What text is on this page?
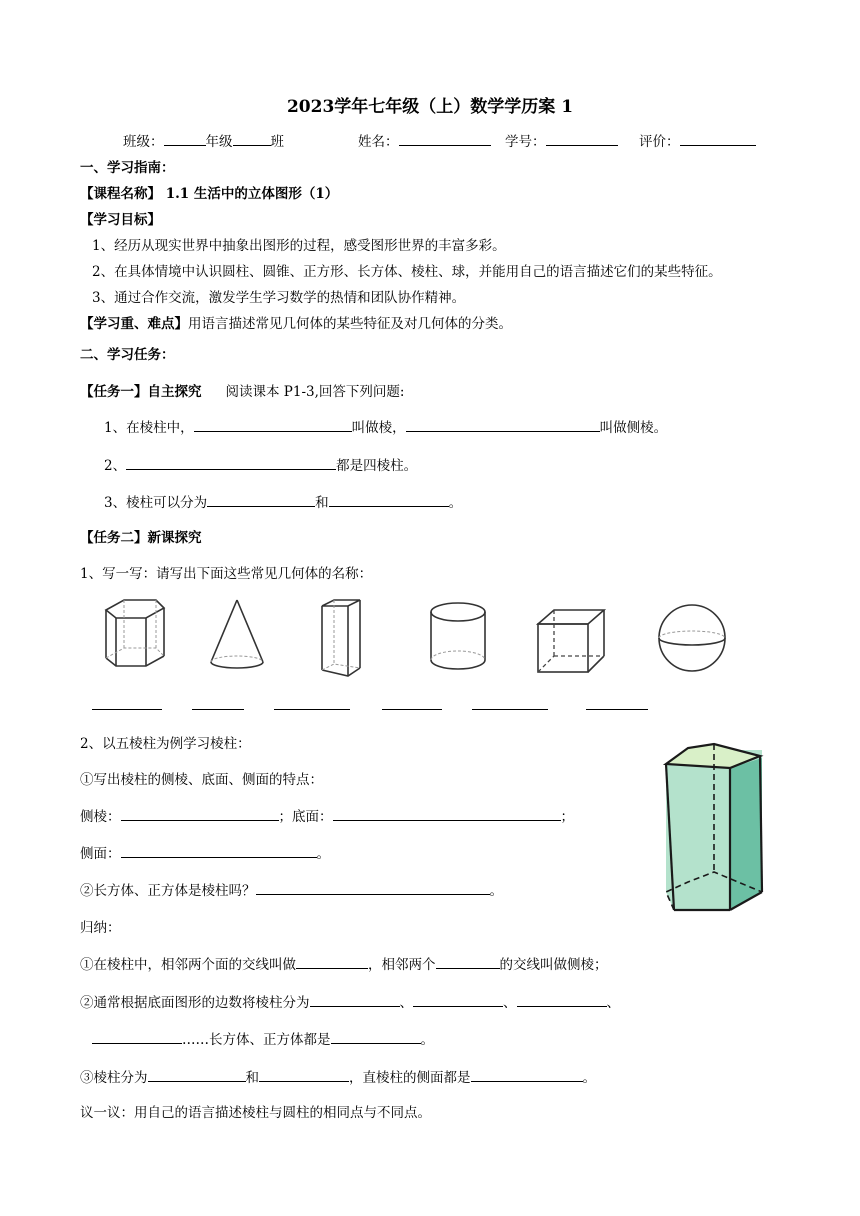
2023学年七年级（上）数学学历案 1
班级：	年级	班	姓名：	学号：	评价：
一、学习指南：
【课程名称】 1.1 生活中的立体图形（1）
【学习目标】
1、经历从现实世界中抽象出图形的过程，感受图形世界的丰富多彩。
2、在具体情境中认识圆柱、圆锥、正方形、长方体、棱柱、球，并能用自己的语言描述它们的某些特征。
3、通过合作交流，激发学生学习数学的热情和团队协作精神。
【学习重、难点】用语言描述常见几何体的某些特征及对几何体的分类。
二、学习任务：
【任务一】自主探究 阅读课本 P1-3,回答下列问题:
1、在棱柱中，	叫做棱，	叫做侧棱。
2、	都是四棱柱。
3、棱柱可以分为	和	。
【任务二】新课探究
1、写一写：请写出下面这些常见几何体的名称：
2、以五棱柱为例学习棱柱：
①写出棱柱的侧棱、底面、侧面的特点：
侧棱：	；底面：	；
侧面：	。
②长方体、正方体是棱柱吗？	。
归纳：
①在棱柱中，相邻两个面的交线叫做	，相邻两个	的交线叫做侧棱；
②通常根据底面图形的边数将棱柱分为	、	、	、
……长方体、正方体都是	。
③棱柱分为	和	，直棱柱的侧面都是	。
议一议：用自己的语言描述棱柱与圆柱的相同点与不同点。
